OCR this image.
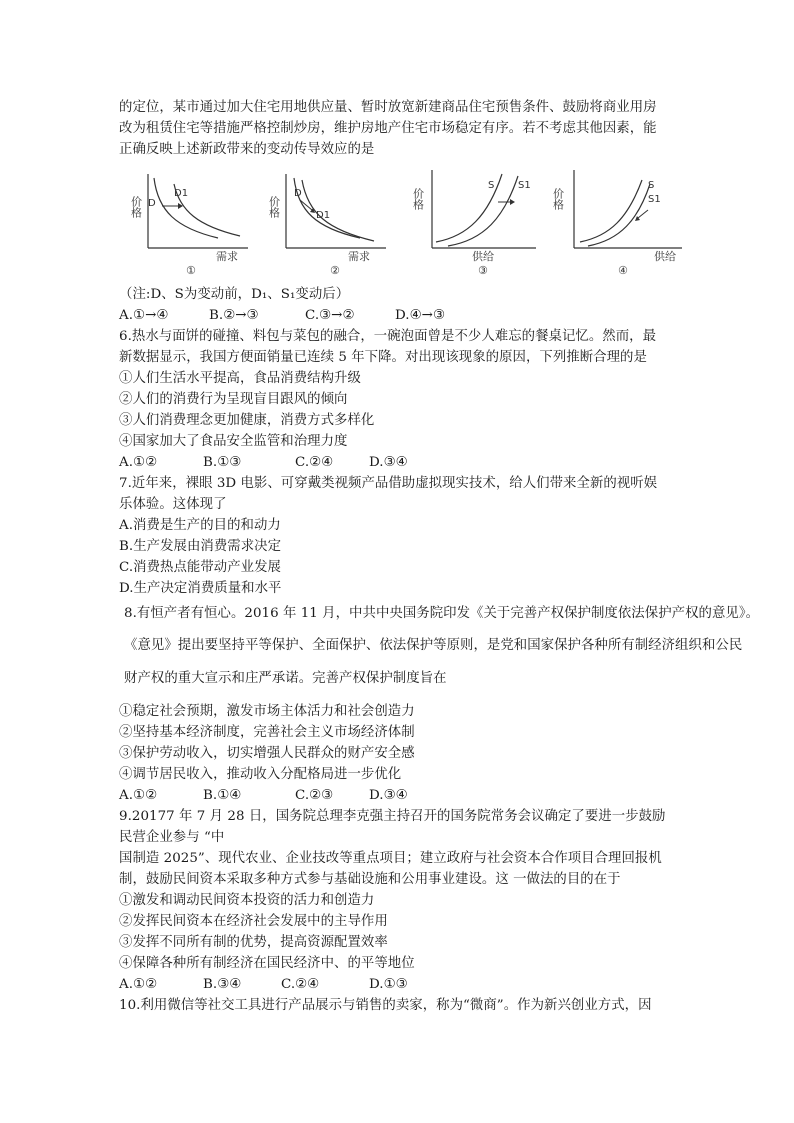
的定位，某市通过加大住宅用地供应量、暂时放宽新建商品住宅预售条件、鼓励将商业用房
改为租赁住宅等措施严格控制炒房，维护房地产住宅市场稳定有序。若不考虑其他因素，能
正确反映上述新政带来的变动传导效应的是
价格 D
D1
需求
①
价格
D
D1
需求
②
价格
S S1
供给
③
价格
S
S1
供给
④
（注:D、S为变动前，D₁、S₁变动后）
A.①→④	B.②→③	C.③→②	D.④→③
6.热水与面饼的碰撞、料包与菜包的融合，一碗泡面曾是不少人难忘的餐桌记忆。然而，最
新数据显示，我国方便面销量已连续 5 年下降。对出现该现象的原因，下列推断合理的是
①人们生活水平提高，食品消费结构升级
②人们的消费行为呈现盲目跟风的倾向
③人们消费理念更加健康，消费方式多样化
④国家加大了食品安全监管和治理力度
A.①②	B.①③	C.②④	D.③④
7.近年来，裸眼 3D 电影、可穿戴类视频产品借助虚拟现实技术，给人们带来全新的视听娱
乐体验。这体现了
A.消费是生产的目的和动力
B.生产发展由消费需求决定
C.消费热点能带动产业发展
D.生产决定消费质量和水平
8.有恒产者有恒心。2016 年 11 月，中共中央国务院印发《关于完善产权保护制度依法保护产权的意见》。
《意见》提出要坚持平等保护、全面保护、依法保护等原则，是党和国家保护各种所有制经济组织和公民
财产权的重大宣示和庄严承诺。完善产权保护制度旨在
①稳定社会预期，激发市场主体活力和社会创造力
②坚持基本经济制度，完善社会主义市场经济体制
③保护劳动收入，切实增强人民群众的财产安全感
④调节居民收入，推动收入分配格局进一步优化
A.①②	B.①④	C.②③	D.③④
9.20177 年 7 月 28 日，国务院总理李克强主持召开的国务院常务会议确定了要进一步鼓励
民营企业参与 “中
国制造 2025”、现代农业、企业技改等重点项目；建立政府与社会资本合作项目合理回报机
制，鼓励民间资本采取多种方式参与基础设施和公用事业建设。这 一做法的目的在于
①激发和调动民间资本投资的活力和创造力
②发挥民间资本在经济社会发展中的主导作用
③发挥不同所有制的优势，提高资源配置效率
④保障各种所有制经济在国民经济中、的平等地位
A.①②	B.③④	C.②④	D.①③
10.利用微信等社交工具进行产品展示与销售的卖家，称为“微商”。作为新兴创业方式，因
